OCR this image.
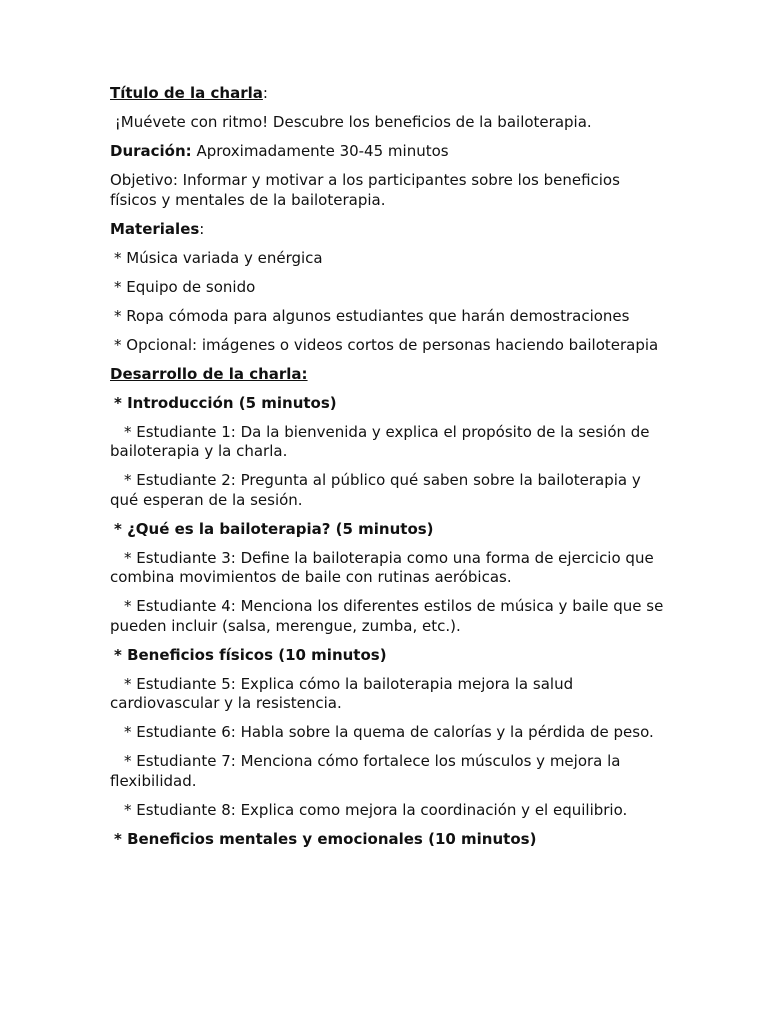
Título de la charla:

¡Muévete con ritmo! Descubre los beneficios de la bailoterapia.

Duración: Aproximadamente 30-45 minutos

Objetivo: Informar y motivar a los participantes sobre los beneficios físicos y mentales de la bailoterapia.

Materiales:

* Música variada y enérgica

* Equipo de sonido

* Ropa cómoda para algunos estudiantes que harán demostraciones

* Opcional: imágenes o videos cortos de personas haciendo bailoterapia

Desarrollo de la charla:

* Introducción (5 minutos)

* Estudiante 1: Da la bienvenida y explica el propósito de la sesión de bailoterapia y la charla.

* Estudiante 2: Pregunta al público qué saben sobre la bailoterapia y qué esperan de la sesión.

* ¿Qué es la bailoterapia? (5 minutos)

* Estudiante 3: Define la bailoterapia como una forma de ejercicio que combina movimientos de baile con rutinas aeróbicas.

* Estudiante 4: Menciona los diferentes estilos de música y baile que se pueden incluir (salsa, merengue, zumba, etc.).

* Beneficios físicos (10 minutos)

* Estudiante 5: Explica cómo la bailoterapia mejora la salud cardiovascular y la resistencia.

* Estudiante 6: Habla sobre la quema de calorías y la pérdida de peso.

* Estudiante 7: Menciona cómo fortalece los músculos y mejora la flexibilidad.

* Estudiante 8: Explica como mejora la coordinación y el equilibrio.

* Beneficios mentales y emocionales (10 minutos)
